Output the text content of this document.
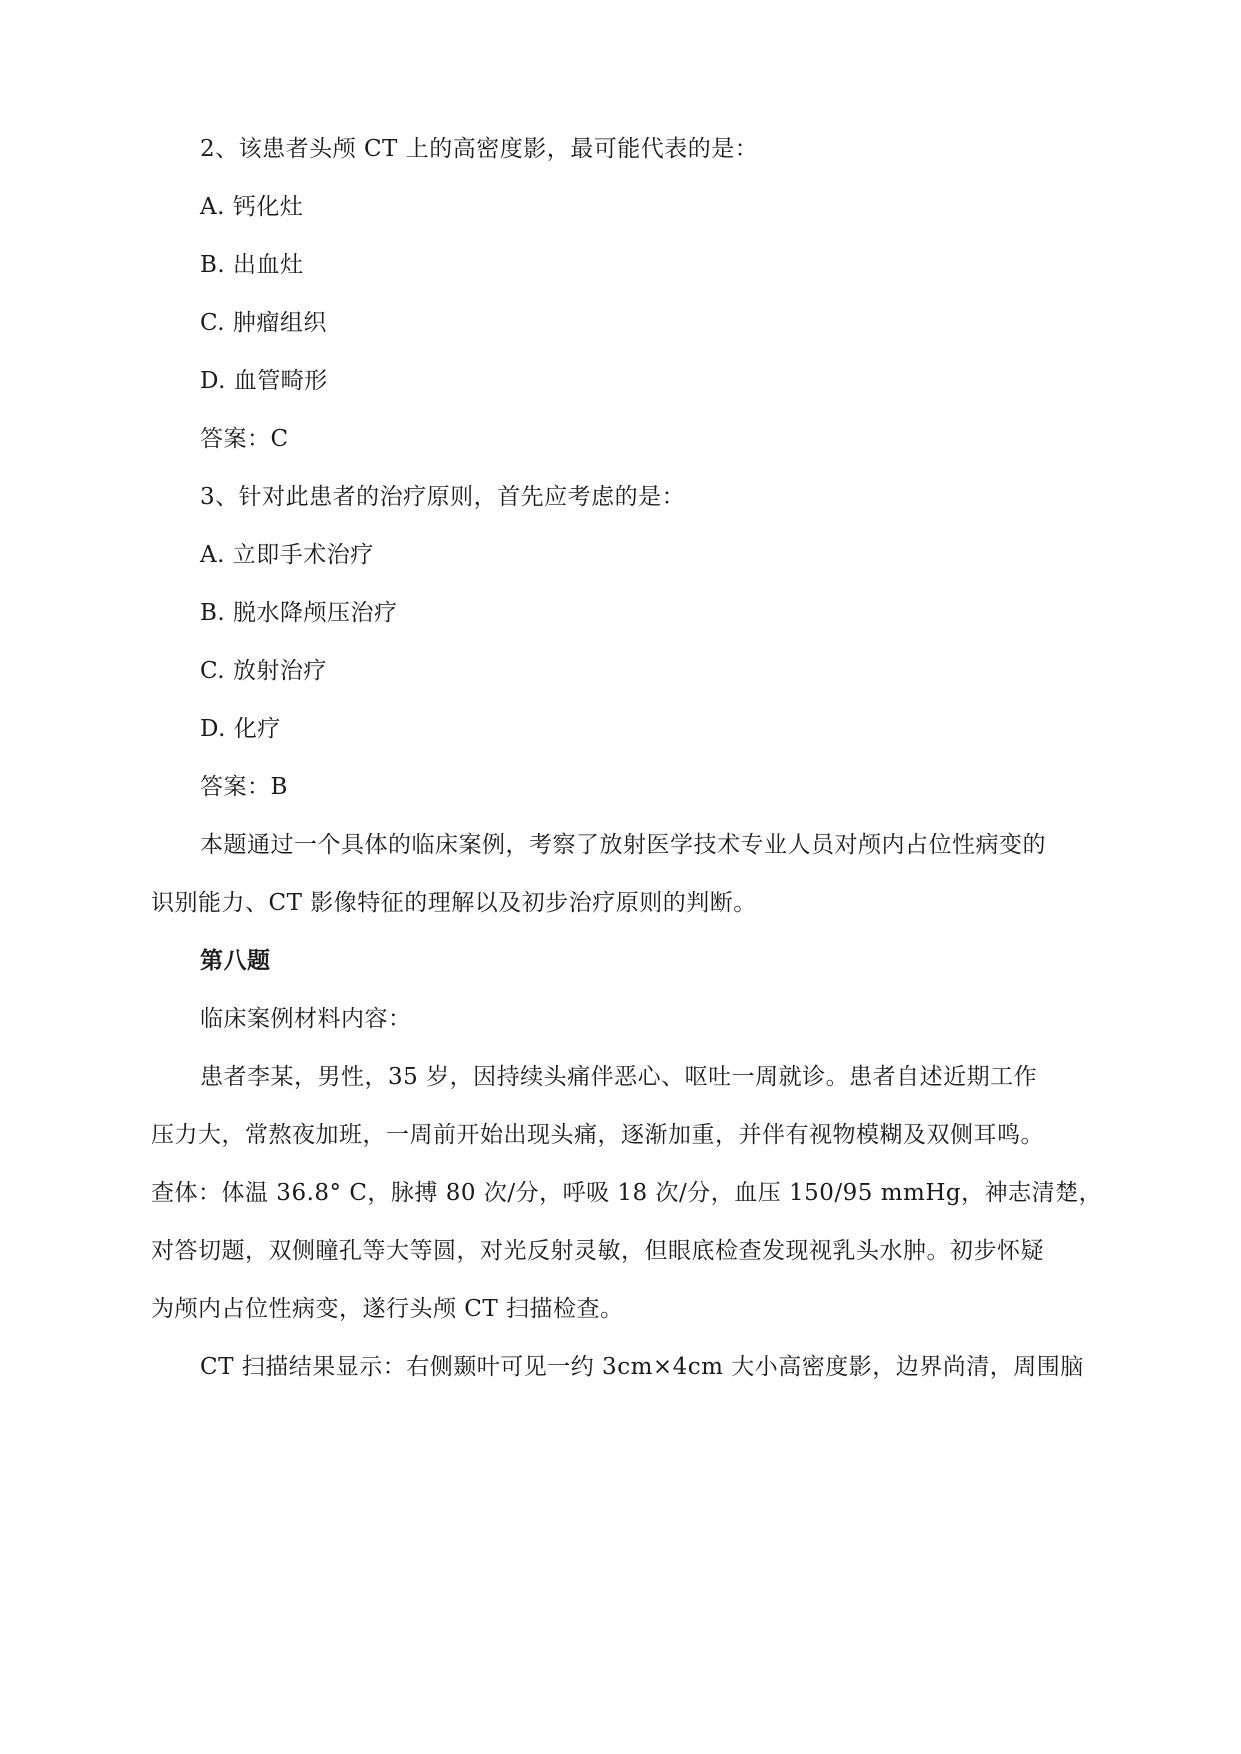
2、该患者头颅 CT 上的高密度影，最可能代表的是：
A. 钙化灶
B. 出血灶
C. 肿瘤组织
D. 血管畸形
答案：C
3、针对此患者的治疗原则，首先应考虑的是：
A. 立即手术治疗
B. 脱水降颅压治疗
C. 放射治疗
D. 化疗
答案：B
本题通过一个具体的临床案例，考察了放射医学技术专业人员对颅内占位性病变的
识别能力、CT 影像特征的理解以及初步治疗原则的判断。
第八题
临床案例材料内容：
患者李某，男性，35 岁，因持续头痛伴恶心、呕吐一周就诊。患者自述近期工作
压力大，常熬夜加班，一周前开始出现头痛，逐渐加重，并伴有视物模糊及双侧耳鸣。
查体：体温 36.8° C，脉搏 80 次/分，呼吸 18 次/分，血压 150/95 mmHg，神志清楚，
对答切题，双侧瞳孔等大等圆，对光反射灵敏，但眼底检查发现视乳头水肿。初步怀疑
为颅内占位性病变，遂行头颅 CT 扫描检查。
CT 扫描结果显示：右侧颞叶可见一约 3cm×4cm 大小高密度影，边界尚清，周围脑
